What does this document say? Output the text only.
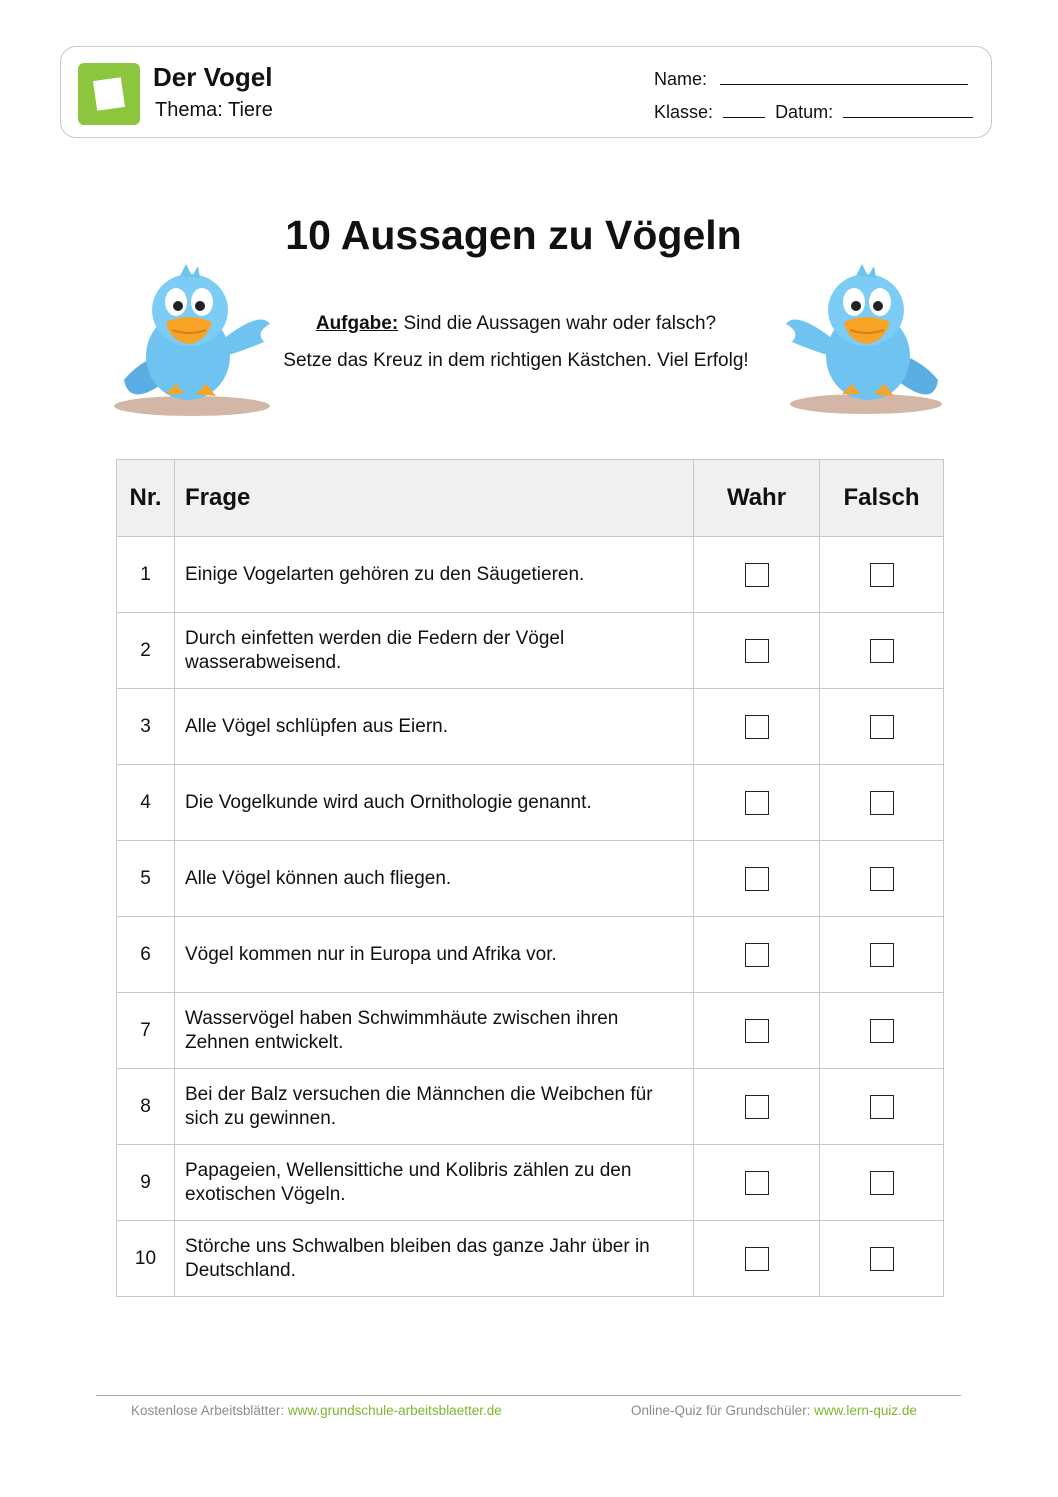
Der Vogel
Thema: Tiere
Name:
Klasse:	Datum:
10 Aussagen zu Vögeln
Aufgabe: Sind die Aussagen wahr oder falsch?
Setze das Kreuz in dem richtigen Kästchen. Viel Erfolg!
Nr.	Frage	Wahr	Falsch
1	Einige Vogelarten gehören zu den Säugetieren.		
2	Durch einfetten werden die Federn der Vögel wasserabweisend.		
3	Alle Vögel schlüpfen aus Eiern.		
4	Die Vogelkunde wird auch Ornithologie genannt.		
5	Alle Vögel können auch fliegen.		
6	Vögel kommen nur in Europa und Afrika vor.		
7	Wasservögel haben Schwimmhäute zwischen ihren Zehnen entwickelt.		
8	Bei der Balz versuchen die Männchen die Weibchen für sich zu gewinnen.		
9	Papageien, Wellensittiche und Kolibris zählen zu den exotischen Vögeln.		
10	Störche uns Schwalben bleiben das ganze Jahr über in Deutschland.		
Kostenlose Arbeitsblätter: www.grundschule-arbeitsblaetter.de	Online-Quiz für Grundschüler: www.lern-quiz.de
